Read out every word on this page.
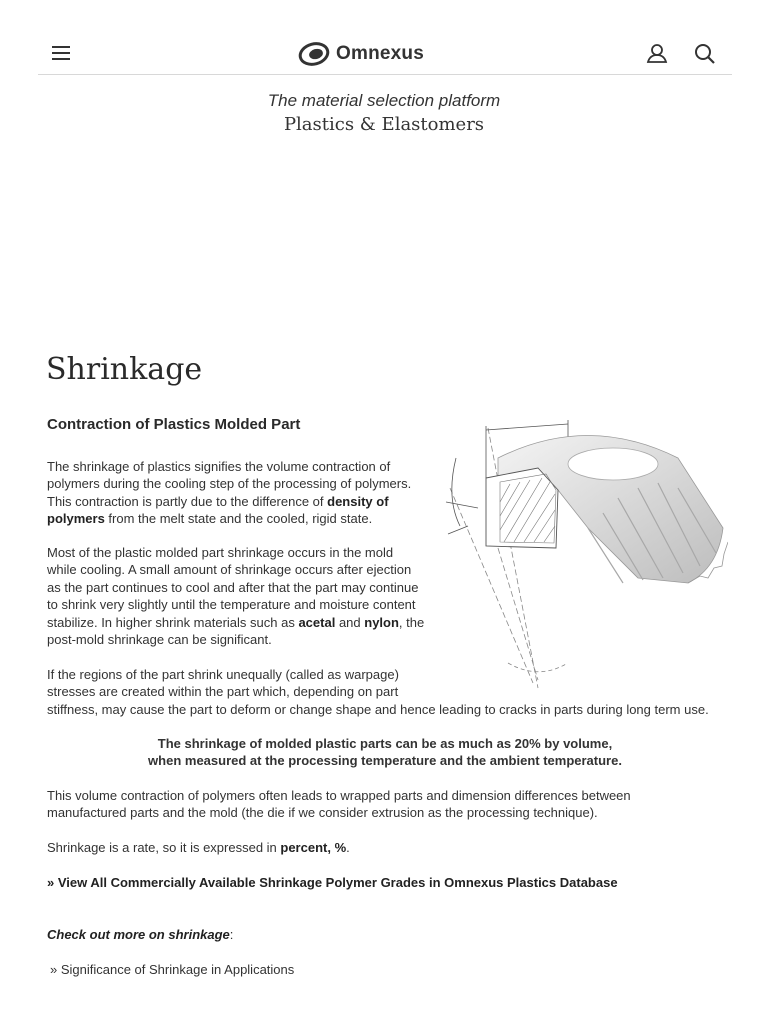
Omnexus
The material selection platform
Plastics & Elastomers
Shrinkage
Contraction of Plastics Molded Part

The shrinkage of plastics signifies the volume contraction of polymers during the cooling step of the processing of polymers. This contraction is partly due to the difference of density of polymers from the melt state and the cooled, rigid state.

Most of the plastic molded part shrinkage occurs in the mold while cooling. A small amount of shrinkage occurs after ejection as the part continues to cool and after that the part may continue to shrink very slightly until the temperature and moisture content stabilize. In higher shrink materials such as acetal and nylon, the post-mold shrinkage can be significant.

If the regions of the part shrink unequally (called as warpage)
stresses are created within the part which, depending on part
stiffness, may cause the part to deform or change shape and hence leading to cracks in parts during long term use.

The shrinkage of molded plastic parts can be as much as 20% by volume,
when measured at the processing temperature and the ambient temperature.

This volume contraction of polymers often leads to wrapped parts and dimension differences between manufactured parts and the mold (the die if we consider extrusion as the processing technique).

Shrinkage is a rate, so it is expressed in percent, %.

» View All Commercially Available Shrinkage Polymer Grades in Omnexus Plastics Database

Check out more on shrinkage:

» Significance of Shrinkage in Applications
